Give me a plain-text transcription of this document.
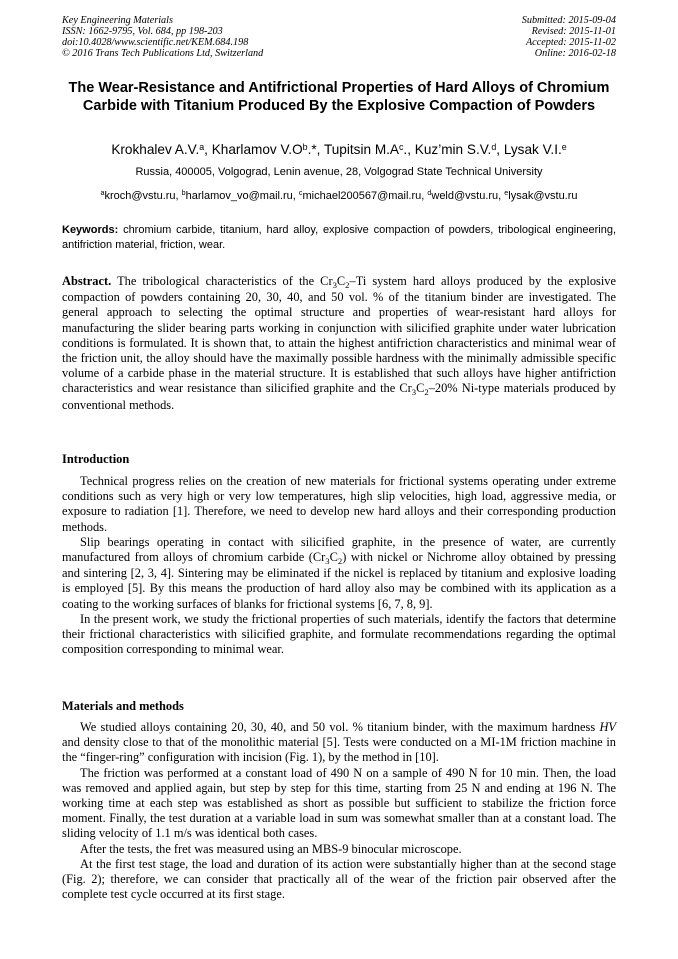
Key Engineering Materials
ISSN: 1662-9795, Vol. 684, pp 198-203
doi:10.4028/www.scientific.net/KEM.684.198
© 2016 Trans Tech Publications Ltd, Switzerland
Submitted: 2015-09-04
Revised: 2015-11-01
Accepted: 2015-11-02
Online: 2016-02-18
The Wear-Resistance and Antifrictional Properties of Hard Alloys of Chromium Carbide with Titanium Produced By the Explosive Compaction of Powders
Krokhalev A.V.$^a$, Kharlamov $V.O^b.*$, Tupitsin $M.A^c$., Kuz’min S.V.$^d$, Lysak V.I.$^e$
Russia, 400005, Volgograd, Lenin avenue, 28, Volgograd State Technical University
$^a$kroch@vstu.ru, $^b$harlamov_vo@mail.ru, $^c$michael200567@mail.ru, $^d$weld@vstu.ru, $^e$lysak@vstu.ru
Keywords: chromium carbide, titanium, hard alloy, explosive compaction of powders, tribological engineering, antifriction material, friction, wear.
Abstract. The tribological characteristics of the $Cr_3C_2-Ti$ system hard alloys produced by the explosive compaction of powders containing 20, 30, 40, and 50 vol. % of the titanium binder are investigated. The general approach to selecting the optimal structure and properties of wear-resistant hard alloys for manufacturing the slider bearing parts working in conjunction with silicified graphite under water lubrication conditions is formulated. It is shown that, to attain the highest antifriction characteristics and minimal wear of the friction unit, the alloy should have the maximally possible hardness with the minimally admissible specific volume of a carbide phase in the material structure. It is established that such alloys have higher antifriction characteristics and wear resistance than silicified graphite and the $Cr_3C_2-20\%$ Ni-type materials produced by conventional methods.
Introduction

Technical progress relies on the creation of new materials for frictional systems operating under extreme conditions such as very high or very low temperatures, high slip velocities, high load, aggressive media, or exposure to radiation [1]. Therefore, we need to develop new hard alloys and their corresponding production methods.

Slip bearings operating in contact with silicified graphite, in the presence of water, are currently manufactured from alloys of chromium carbide $(Cr_3C_2)$ with nickel or Nichrome alloy obtained by pressing and sintering [2, 3, 4]. Sintering may be eliminated if the nickel is replaced by titanium and explosive loading is employed [5]. By this means the production of hard alloy also may be combined with its application as a coating to the working surfaces of blanks for frictional systems [6, 7, 8, 9].

In the present work, we study the frictional properties of such materials, identify the factors that determine their frictional characteristics with silicified graphite, and formulate recommendations regarding the optimal composition corresponding to minimal wear.

Materials and methods

We studied alloys containing 20, 30, 40, and 50 vol. % titanium binder, with the maximum hardness HV and density close to that of the monolithic material [5]. Tests were conducted on a MI-1M friction machine in the “finger-ring” configuration with incision (Fig. 1), by the method in [10].

The friction was performed at a constant load of 490 N on a sample of 490 N for 10 min. Then, the load was removed and applied again, but step by step for this time, starting from 25 N and ending at 196 N. The working time at each step was established as short as possible but sufficient to stabilize the friction force moment. Finally, the test duration at a variable load in sum was somewhat smaller than at a constant load. The sliding velocity of 1.1 m/s was identical both cases.

After the tests, the fret was measured using an MBS-9 binocular microscope.

At the first test stage, the load and duration of its action were substantially higher than at the second stage (Fig. 2); therefore, we can consider that practically all of the wear of the friction pair observed after the complete test cycle occurred at its first stage.
